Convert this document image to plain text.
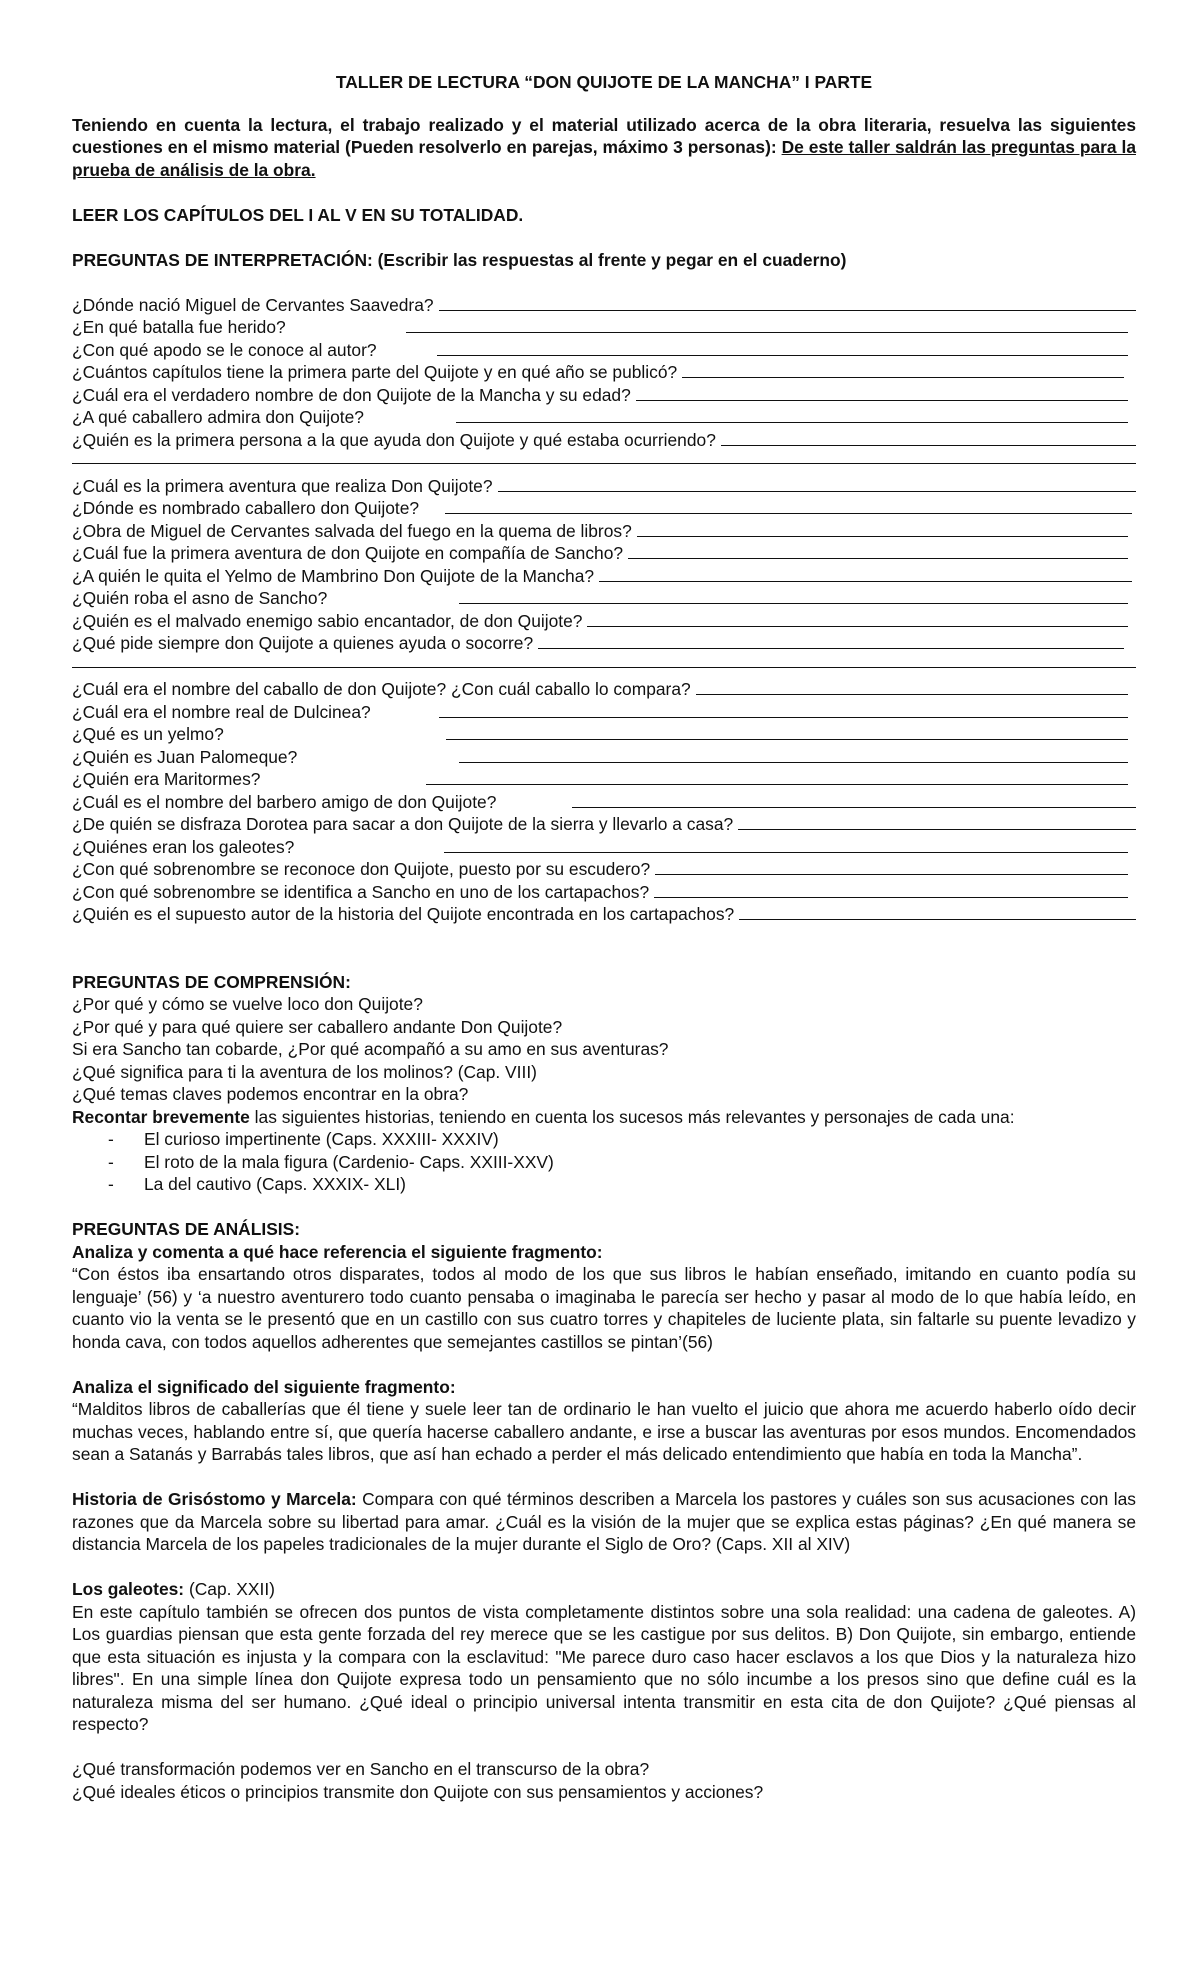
TALLER DE LECTURA “DON QUIJOTE DE LA MANCHA” I PARTE

Teniendo en cuenta la lectura, el trabajo realizado y el material utilizado acerca de la obra literaria, resuelva las siguientes cuestiones en el mismo material (Pueden resolverlo en parejas, máximo 3 personas): De este taller saldrán las preguntas para la prueba de análisis de la obra.

LEER LOS CAPÍTULOS DEL I AL V EN SU TOTALIDAD.
PREGUNTAS DE INTERPRETACIÓN: (Escribir las respuestas al frente y pegar en el cuaderno)
¿Dónde nació Miguel de Cervantes Saavedra?
¿En qué batalla fue herido?
¿Con qué apodo se le conoce al autor?
¿Cuántos capítulos tiene la primera parte del Quijote y en qué año se publicó?
¿Cuál era el verdadero nombre de don Quijote de la Mancha y su edad?
¿A qué caballero admira don Quijote?
¿Quién es la primera persona a la que ayuda don Quijote y qué estaba ocurriendo?
¿Cuál es la primera aventura que realiza Don Quijote?
¿Dónde es nombrado caballero don Quijote?
¿Obra de Miguel de Cervantes salvada del fuego en la quema de libros?
¿Cuál fue la primera aventura de don Quijote en compañía de Sancho?
¿A quién le quita el Yelmo de Mambrino Don Quijote de la Mancha?
¿Quién roba el asno de Sancho?
¿Quién es el malvado enemigo sabio encantador, de don Quijote?
¿Qué pide siempre don Quijote a quienes ayuda o socorre?
¿Cuál era el nombre del caballo de don Quijote? ¿Con cuál caballo lo compara?
¿Cuál era el nombre real de Dulcinea?
¿Qué es un yelmo?
¿Quién es Juan Palomeque?
¿Quién era Maritormes?
¿Cuál es el nombre del barbero amigo de don Quijote?
¿De quién se disfraza Dorotea para sacar a don Quijote de la sierra y llevarlo a casa?
¿Quiénes eran los galeotes?
¿Con qué sobrenombre se reconoce don Quijote, puesto por su escudero?
¿Con qué sobrenombre se identifica a Sancho en uno de los cartapachos?
¿Quién es el supuesto autor de la historia del Quijote encontrada en los cartapachos?
PREGUNTAS DE COMPRENSIÓN:
¿Por qué y cómo se vuelve loco don Quijote?
¿Por qué y para qué quiere ser caballero andante Don Quijote?
Si era Sancho tan cobarde, ¿Por qué acompañó a su amo en sus aventuras?
¿Qué significa para ti la aventura de los molinos? (Cap. VIII)
¿Qué temas claves podemos encontrar en la obra?

Recontar brevemente las siguientes historias, teniendo en cuenta los sucesos más relevantes y personajes de cada una:

- El curioso impertinente (Caps. XXXIII- XXXIV)
- El roto de la mala figura (Cardenio- Caps. XXIII-XXV)
- La del cautivo (Caps. XXXIX- XLI)
PREGUNTAS DE ANÁLISIS:
Analiza y comenta a qué hace referencia el siguiente fragmento:

“Con éstos iba ensartando otros disparates, todos al modo de los que sus libros le habían enseñado, imitando en cuanto podía su lenguaje’ (56) y ‘a nuestro aventurero todo cuanto pensaba o imaginaba le parecía ser hecho y pasar al modo de lo que había leído, en cuanto vio la venta se le presentó que en un castillo con sus cuatro torres y chapiteles de luciente plata, sin faltarle su puente levadizo y honda cava, con todos aquellos adherentes que semejantes castillos se pintan’(56)

Analiza el significado del siguiente fragmento:

“Malditos libros de caballerías que él tiene y suele leer tan de ordinario le han vuelto el juicio que ahora me acuerdo haberlo oído decir muchas veces, hablando entre sí, que quería hacerse caballero andante, e irse a buscar las aventuras por esos mundos. Encomendados sean a Satanás y Barrabás tales libros, que así han echado a perder el más delicado entendimiento que había en toda la Mancha”.

Historia de Grisóstomo y Marcela: Compara con qué términos describen a Marcela los pastores y cuáles son sus acusaciones con las razones que da Marcela sobre su libertad para amar. ¿Cuál es la visión de la mujer que se explica estas páginas? ¿En qué manera se distancia Marcela de los papeles tradicionales de la mujer durante el Siglo de Oro? (Caps. XII al XIV)

Los galeotes: (Cap. XXII)

En este capítulo también se ofrecen dos puntos de vista completamente distintos sobre una sola realidad: una cadena de galeotes. A) Los guardias piensan que esta gente forzada del rey merece que se les castigue por sus delitos. B) Don Quijote, sin embargo, entiende que esta situación es injusta y la compara con la esclavitud: "Me parece duro caso hacer esclavos a los que Dios y la naturaleza hizo libres". En una simple línea don Quijote expresa todo un pensamiento que no sólo incumbe a los presos sino que define cuál es la naturaleza misma del ser humano. ¿Qué ideal o principio universal intenta transmitir en esta cita de don Quijote? ¿Qué piensas al respecto?

¿Qué transformación podemos ver en Sancho en el transcurso de la obra?
¿Qué ideales éticos o principios transmite don Quijote con sus pensamientos y acciones?
